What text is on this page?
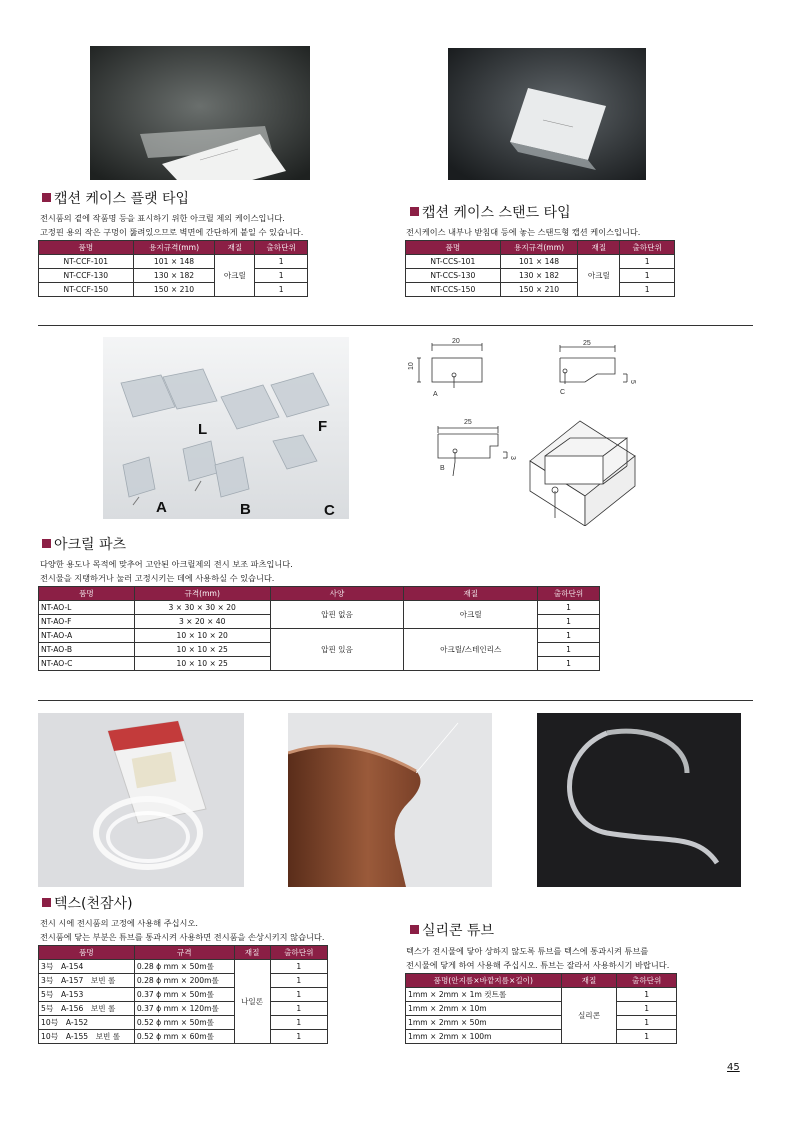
캡션 케이스 플랫 타입
전시품의 곁에 작품명 등을 표시하기 위한 아크릴 제의 케이스입니다.
고정핀 용의 작은 구멍이 뚫려있으므로 벽면에 간단하게 붙일 수 있습니다.
품명	용지규격(mm)	재질	출하단위
NT-CCF-101	101 × 148	아크릴	1
NT-CCF-130	130 × 182		1
NT-CCF-150	150 × 210		1
캡션 케이스 스탠드 타입
전시케이스 내부나 받침대 등에 놓는 스탠드형 캡션 케이스입니다.
품명	용지규격(mm)	재질	출하단위
NT-CCS-101	101 × 148	아크릴	1
NT-CCS-130	130 × 182		1
NT-CCS-150	150 × 210		1
L	F
A	B	C
20
10
A
25
5
C
25
3
B
아크릴 파츠
다양한 용도나 목적에 맞추어 고안된 아크릴제의 전시 보조 파츠입니다.
전시물을 지탱하거나 눌러 고정시키는 데에 사용하실 수 있습니다.
품명	규격(mm)	사양	재질	출하단위
NT-AO-L	3 × 30 × 30 × 20	압핀 없음	아크릴	1
NT-AO-F	3 × 20 × 40			1
NT-AO-A	10 × 10 × 20	압핀 있음	아크릴/스테인리스	1
NT-AO-B	10 × 10 × 25			1
NT-AO-C	10 × 10 × 25			1
텍스(천잠사)
전시 시에 전시품의 고정에 사용해 주십시오.
전시품에 닿는 부분은 튜브를 통과시켜 사용하면 전시품을 손상시키지 않습니다.
품명	규격	재질	출하단위
3号　A-154	0.28 ϕ mm × 50m롤	나일론	1
3号　A-157　보빈 롤	0.28 ϕ mm × 200m롤		1
5号　A-153	0.37 ϕ mm × 50m롤		1
5号　A-156　보빈 롤	0.37 ϕ mm × 120m롤		1
10号　A-152	0.52 ϕ mm × 50m롤		1
10号　A-155　보빈 롤	0.52 ϕ mm × 60m롤		1
실리콘 튜브
텍스가 전시물에 닿아 상하지 않도록 튜브를 텍스에 통과시켜 튜브를
전시물에 닿게 하여 사용해 주십시오. 튜브는 잘라서 사용하시기 바랍니다.
품명(안지름×바깥지름×길이)	재질	출하단위
1mm × 2mm × 1m 컷트롤	실리콘	1
1mm × 2mm × 10m		1
1mm × 2mm × 50m		1
1mm × 2mm × 100m		1
45
